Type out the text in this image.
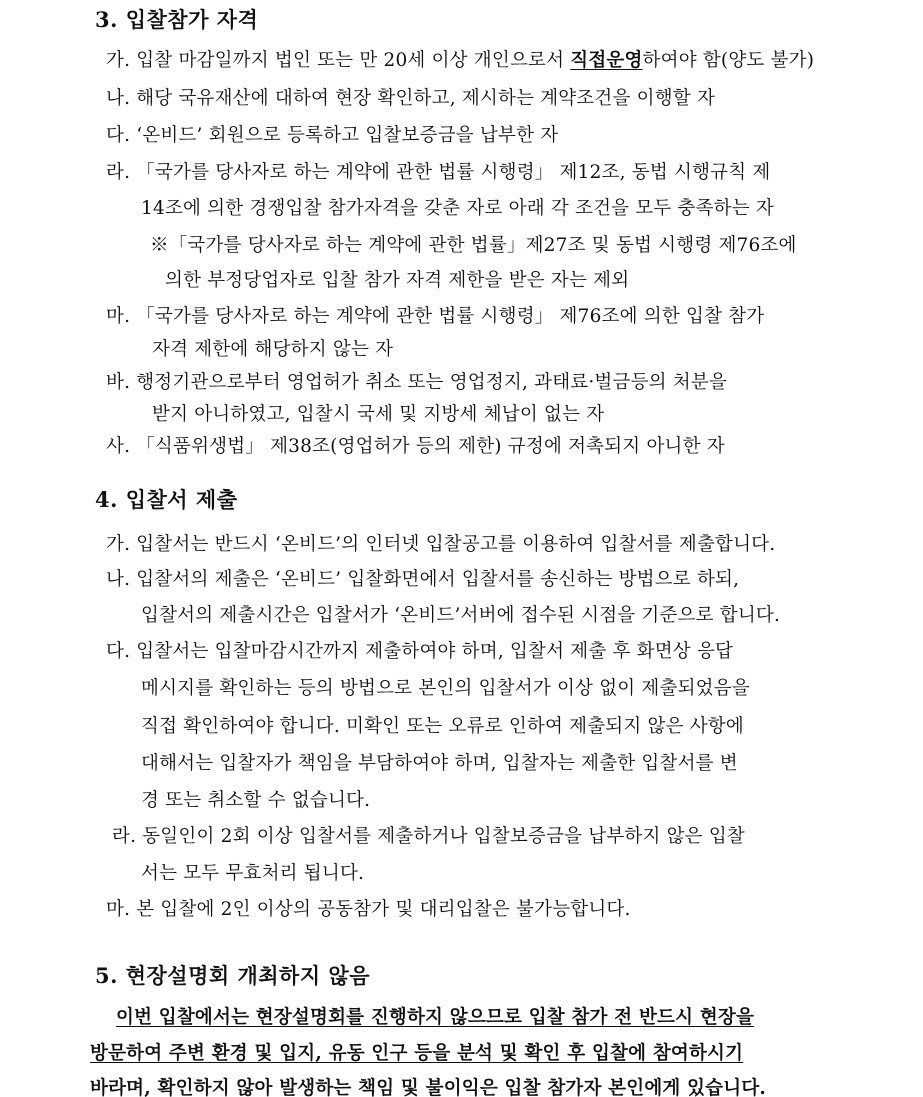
3. 입찰참가 자격
가. 입찰 마감일까지 법인 또는 만 20세 이상 개인으로서 직접운영하여야 함(양도 불가)
나. 해당 국유재산에 대하여 현장 확인하고, 제시하는 계약조건을 이행할 자
다. ‘온비드’ 회원으로 등록하고 입찰보증금을 납부한 자
라. 「국가를 당사자로 하는 계약에 관한 법률 시행령」 제12조, 동법 시행규칙 제
14조에 의한 경쟁입찰 참가자격을 갖춘 자로 아래 각 조건을 모두 충족하는 자
※「국가를 당사자로 하는 계약에 관한 법률」제27조 및 동법 시행령 제76조에
의한 부정당업자로 입찰 참가 자격 제한을 받은 자는 제외
마. 「국가를 당사자로 하는 계약에 관한 법률 시행령」 제76조에 의한 입찰 참가
자격 제한에 해당하지 않는 자
바. 행정기관으로부터 영업허가 취소 또는 영업정지, 과태료·벌금등의 처분을
받지 아니하였고, 입찰시 국세 및 지방세 체납이 없는 자
사. 「식품위생법」 제38조(영업허가 등의 제한) 규정에 저촉되지 아니한 자
4. 입찰서 제출
가. 입찰서는 반드시 ‘온비드’의 인터넷 입찰공고를 이용하여 입찰서를 제출합니다.
나. 입찰서의 제출은 ‘온비드’ 입찰화면에서 입찰서를 송신하는 방법으로 하되,
입찰서의 제출시간은 입찰서가 ‘온비드’서버에 접수된 시점을 기준으로 합니다.
다. 입찰서는 입찰마감시간까지 제출하여야 하며, 입찰서 제출 후 화면상 응답
메시지를 확인하는 등의 방법으로 본인의 입찰서가 이상 없이 제출되었음을
직접 확인하여야 합니다. 미확인 또는 오류로 인하여 제출되지 않은 사항에
대해서는 입찰자가 책임을 부담하여야 하며, 입찰자는 제출한 입찰서를 변
경 또는 취소할 수 없습니다.
라. 동일인이 2회 이상 입찰서를 제출하거나 입찰보증금을 납부하지 않은 입찰
서는 모두 무효처리 됩니다.
마. 본 입찰에 2인 이상의 공동참가 및 대리입찰은 불가능합니다.
5. 현장설명회 개최하지 않음
이번 입찰에서는 현장설명회를 진행하지 않으므로 입찰 참가 전 반드시 현장을
방문하여 주변 환경 및 입지, 유동 인구 등을 분석 및 확인 후 입찰에 참여하시기
바라며, 확인하지 않아 발생하는 책임 및 불이익은 입찰 참가자 본인에게 있습니다.
